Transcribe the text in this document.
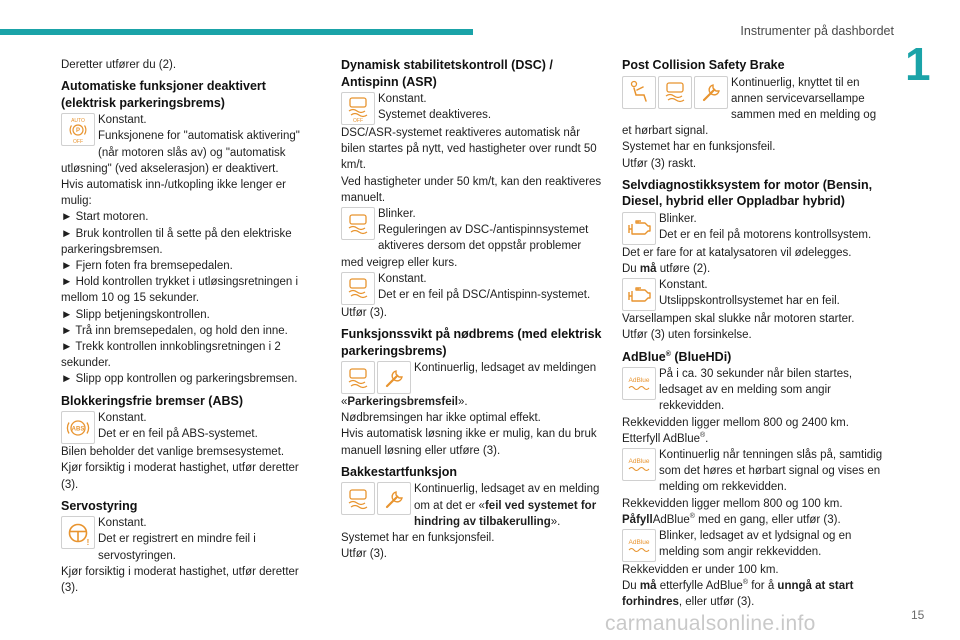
Instrumenter på dashbordet
1

Deretter utfører du (2).

Automatiske funksjoner deaktivert (elektrisk parkeringsbrems)
AUTO
P
OFF

Konstant.

Funksjonene for "automatisk aktivering" (når motoren slås av) og "automatisk utløsning" (ved akselerasjon) er deaktivert.

Hvis automatisk inn-/utkopling ikke lenger er mulig:

► Start motoren.

► Bruk kontrollen til å sette på den elektriske parkeringsbremsen.

► Fjern foten fra bremsepedalen.

► Hold kontrollen trykket i utløsingsretningen i mellom 10 og 15 sekunder.

► Slipp betjeningskontrollen.

► Trå inn bremsepedalen, og hold den inne.

► Trekk kontrollen innkoblingsretningen i 2 sekunder.

► Slipp opp kontrollen og parkeringsbremsen.

Blokkeringsfrie bremser (ABS)
ABS

Konstant.

Det er en feil på ABS-systemet.

Bilen beholder det vanlige bremsesystemet.

Kjør forsiktig i moderat hastighet, utfør deretter (3).

Servostyring
!

Konstant.

Det er registrert en mindre feil i servostyringen.

Kjør forsiktig i moderat hastighet, utfør deretter (3).

Dynamisk stabilitetskontroll (DSC) / Antispinn (ASR)
OFF

Konstant.

Systemet deaktiveres.

DSC/ASR-systemet reaktiveres automatisk når bilen startes på nytt, ved hastigheter over rundt 50 km/t.

Ved hastigheter under 50 km/t, kan den reaktiveres manuelt.

Blinker.

Reguleringen av DSC-/antispinnsystemet aktiveres dersom det oppstår problemer med veigrep eller kurs.

Konstant.

Det er en feil på DSC/Antispinn-systemet.

Utfør (3).

Funksjonssvikt på nødbrems (med elektrisk parkeringsbrems)

Kontinuerlig, ledsaget av meldingen

«Parkeringsbremsfeil».

Nødbremsingen har ikke optimal effekt.

Hvis automatisk løsning ikke er mulig, kan du bruk manuell løsning eller utføre (3).

Bakkestartfunksjon

Kontinuerlig, ledsaget av en melding om at det er «feil ved systemet for hindring av tilbakerulling».

Systemet har en funksjonsfeil.

Utfør (3).

Post Collision Safety Brake

Kontinuerlig, knyttet til en annen servicevarsellampe sammen med en melding og et hørbart signal.

Systemet har en funksjonsfeil.

Utfør (3) raskt.

Selvdiagnostikksystem for motor (Bensin, Diesel, hybrid eller Oppladbar hybrid)

Blinker.

Det er en feil på motorens kontrollsystem.

Det er fare for at katalysatoren vil ødelegges.

Du må utføre (2).

Konstant.

Utslippskontrollsystemet har en feil.

Varsellampen skal slukke når motoren starter.

Utfør (3) uten forsinkelse.

AdBlue® (BlueHDi)
AdBlue På i ca. 30 sekunder når bilen startes, ledsaget av en melding som angir rekkevidden.

Rekkevidden ligger mellom 800 og 2400 km.

Etterfyll AdBlue®.

AdBlue Kontinuerlig når tenningen slås på, samtidig som det høres et hørbart signal og vises en melding om rekkevidden.

Rekkevidden ligger mellom 800 og 100 km.

PåfyllAdBlue® med en gang, eller utfør (3).

AdBlue Blinker, ledsaget av et lydsignal og en melding som angir rekkevidden.

Rekkevidden er under 100 km.

Du må etterfylle AdBlue® for å unngå at start forhindres, eller utfør (3).

carmanualsonline.info	15
